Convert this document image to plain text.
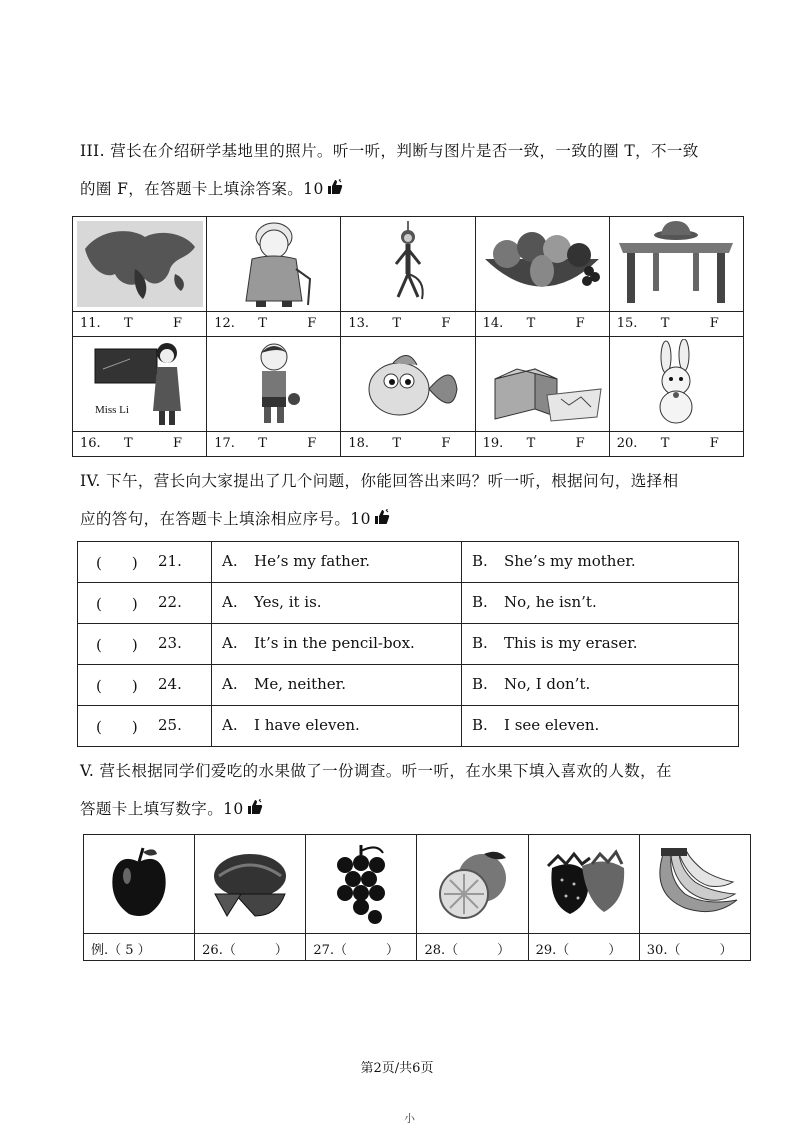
III. 营长在介绍研学基地里的照片。听一听，判断与图片是否一致，一致的圈 T，不一致
的圈 F，在答题卡上填涂答案。10

11. T F	12. T F	13. T F	14. T F	15. T F

Miss Li

16. T F	17. T F	18. T F	19. T F	20. T F
IV. 下午，营长向大家提出了几个问题，你能回答出来吗？听一听，根据问句，选择相
应的答句，在答题卡上填涂相应序号。10
(　　) 21.	A. He’s my father.	B. She’s my mother.

(　　) 22.	A. Yes, it is.	B. No, he isn’t.

(　　) 23.	A. It’s in the pencil-box.	B. This is my eraser.

(　　) 24.	A. Me, neither.	B. No, I don’t.

(　　) 25.	A. I have eleven.	B. I see eleven.
V. 营长根据同学们爱吃的水果做了一份调查。听一听，在水果下填入喜欢的人数，在
答题卡上填写数字。10

例.（ 5 ）	26.（　　　）	27.（　　　）	28.（　　　）	29.（　　　）	30.（　　　）
第2页/共6页
小
